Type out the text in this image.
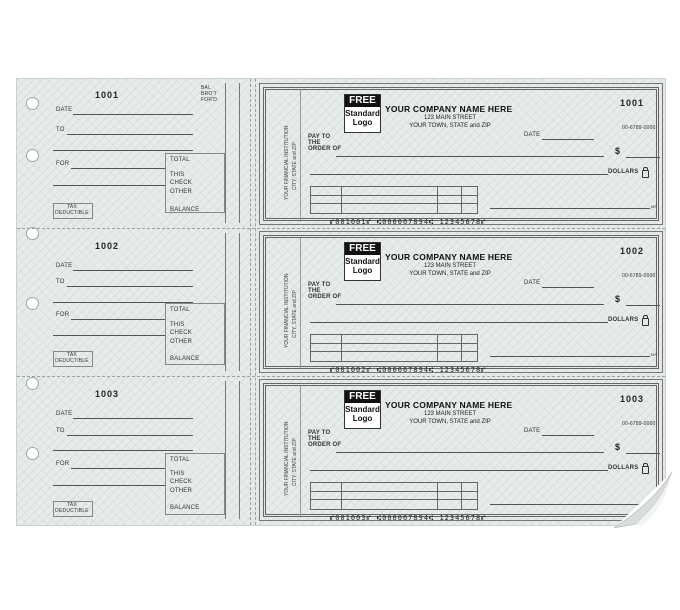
1001
BAL BRO'T FOR'D
DATE
TO
FOR
TOTAL
THIS CHECK
OTHER
BALANCE
TAX DEDUCTIBLE
1002
DATE
TO
FOR
TOTAL
THIS CHECK
OTHER
BALANCE
TAX DEDUCTIBLE
1003
DATE
TO
FOR
TOTAL
THIS CHECK
OTHER
BALANCE
TAX DEDUCTIBLE
YOUR FINANCIAL INSTITUTION CITY, STATE and ZIP
FREE
Standard Logo
YOUR COMPANY NAME HERE
123 MAIN STREET
YOUR TOWN, STATE and ZIP
1001
00-6789-0000
DATE
PAY TO THE ORDER OF	$
DOLLARS
MP
⑈001001⑈ ⑆000067894⑆ 12345678⑈
YOUR FINANCIAL INSTITUTION CITY, STATE and ZIP
FREE
Standard Logo
YOUR COMPANY NAME HERE
123 MAIN STREET
YOUR TOWN, STATE and ZIP
1002
00-6789-0000
DATE
PAY TO THE ORDER OF	$
DOLLARS
MP
⑈001002⑈ ⑆000067894⑆ 12345678⑈
YOUR FINANCIAL INSTITUTION CITY, STATE and ZIP
FREE
Standard Logo
YOUR COMPANY NAME HERE
123 MAIN STREET
YOUR TOWN, STATE and ZIP
1003
00-6789-0000
DATE
PAY TO THE ORDER OF	$
DOLLARS
⑈001003⑈ ⑆000067894⑆ 12345678⑈
